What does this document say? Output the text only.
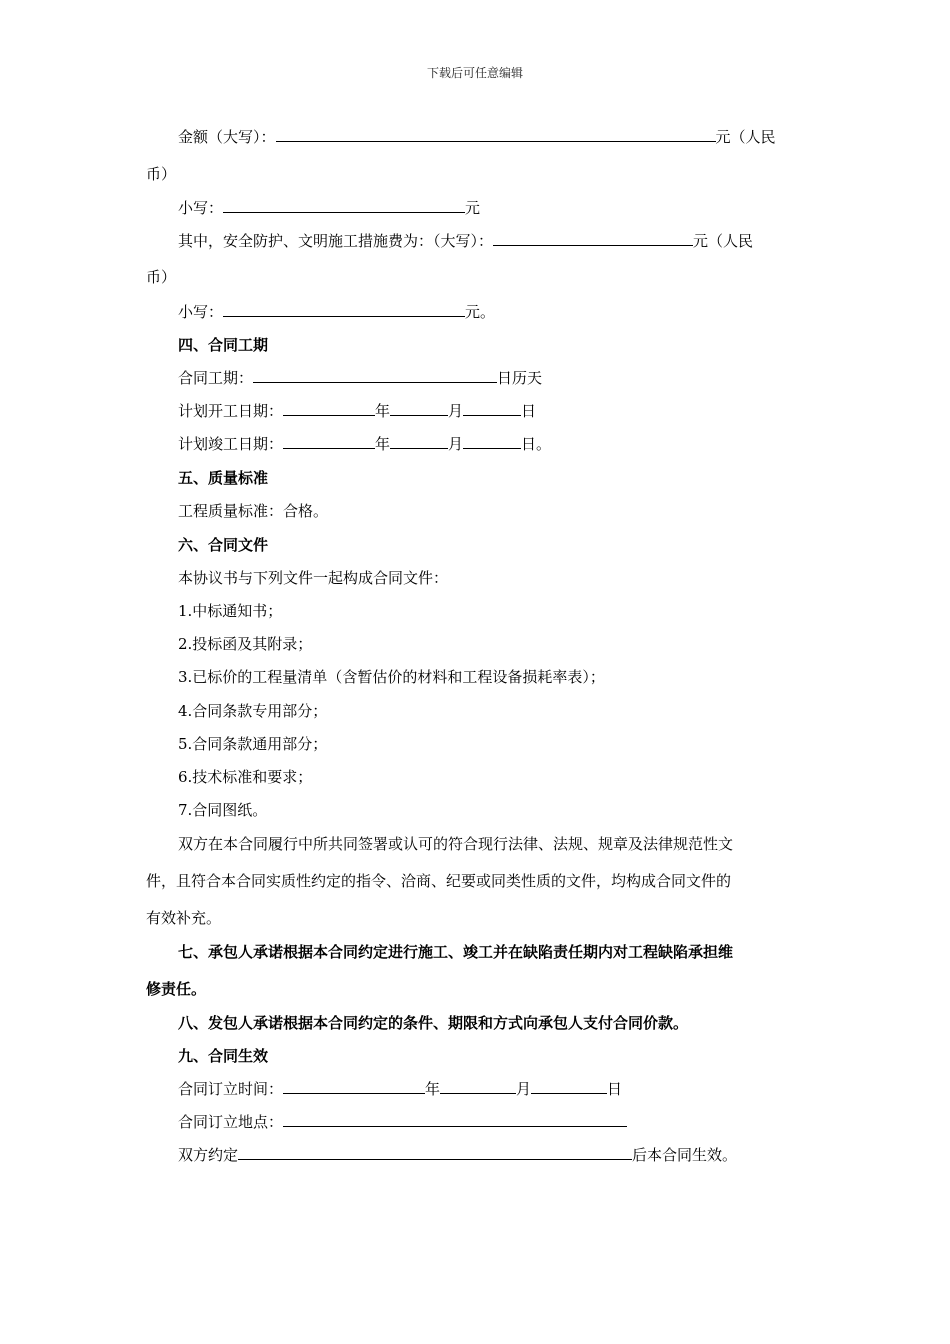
下载后可任意编辑
金额（大写）：	元（人民
币）
小写：	元
其中，安全防护、文明施工措施费为：（大写）：	元（人民
币）
小写：	元。
四、合同工期
合同工期：	日历天
计划开工日期：	年	月	日
计划竣工日期：	年	月	日。
五、质量标准
工程质量标准：合格。
六、合同文件
本协议书与下列文件一起构成合同文件：
1.中标通知书；
2.投标函及其附录；
3.已标价的工程量清单（含暂估价的材料和工程设备损耗率表）；
4.合同条款专用部分；
5.合同条款通用部分；
6.技术标准和要求；
7.合同图纸。
双方在本合同履行中所共同签署或认可的符合现行法律、法规、规章及法律规范性文
件，且符合本合同实质性约定的指令、洽商、纪要或同类性质的文件，均构成合同文件的
有效补充。
七、承包人承诺根据本合同约定进行施工、竣工并在缺陷责任期内对工程缺陷承担维
修责任。
八、发包人承诺根据本合同约定的条件、期限和方式向承包人支付合同价款。
九、合同生效
合同订立时间：	年	月	日
合同订立地点：
双方约定	后本合同生效。
